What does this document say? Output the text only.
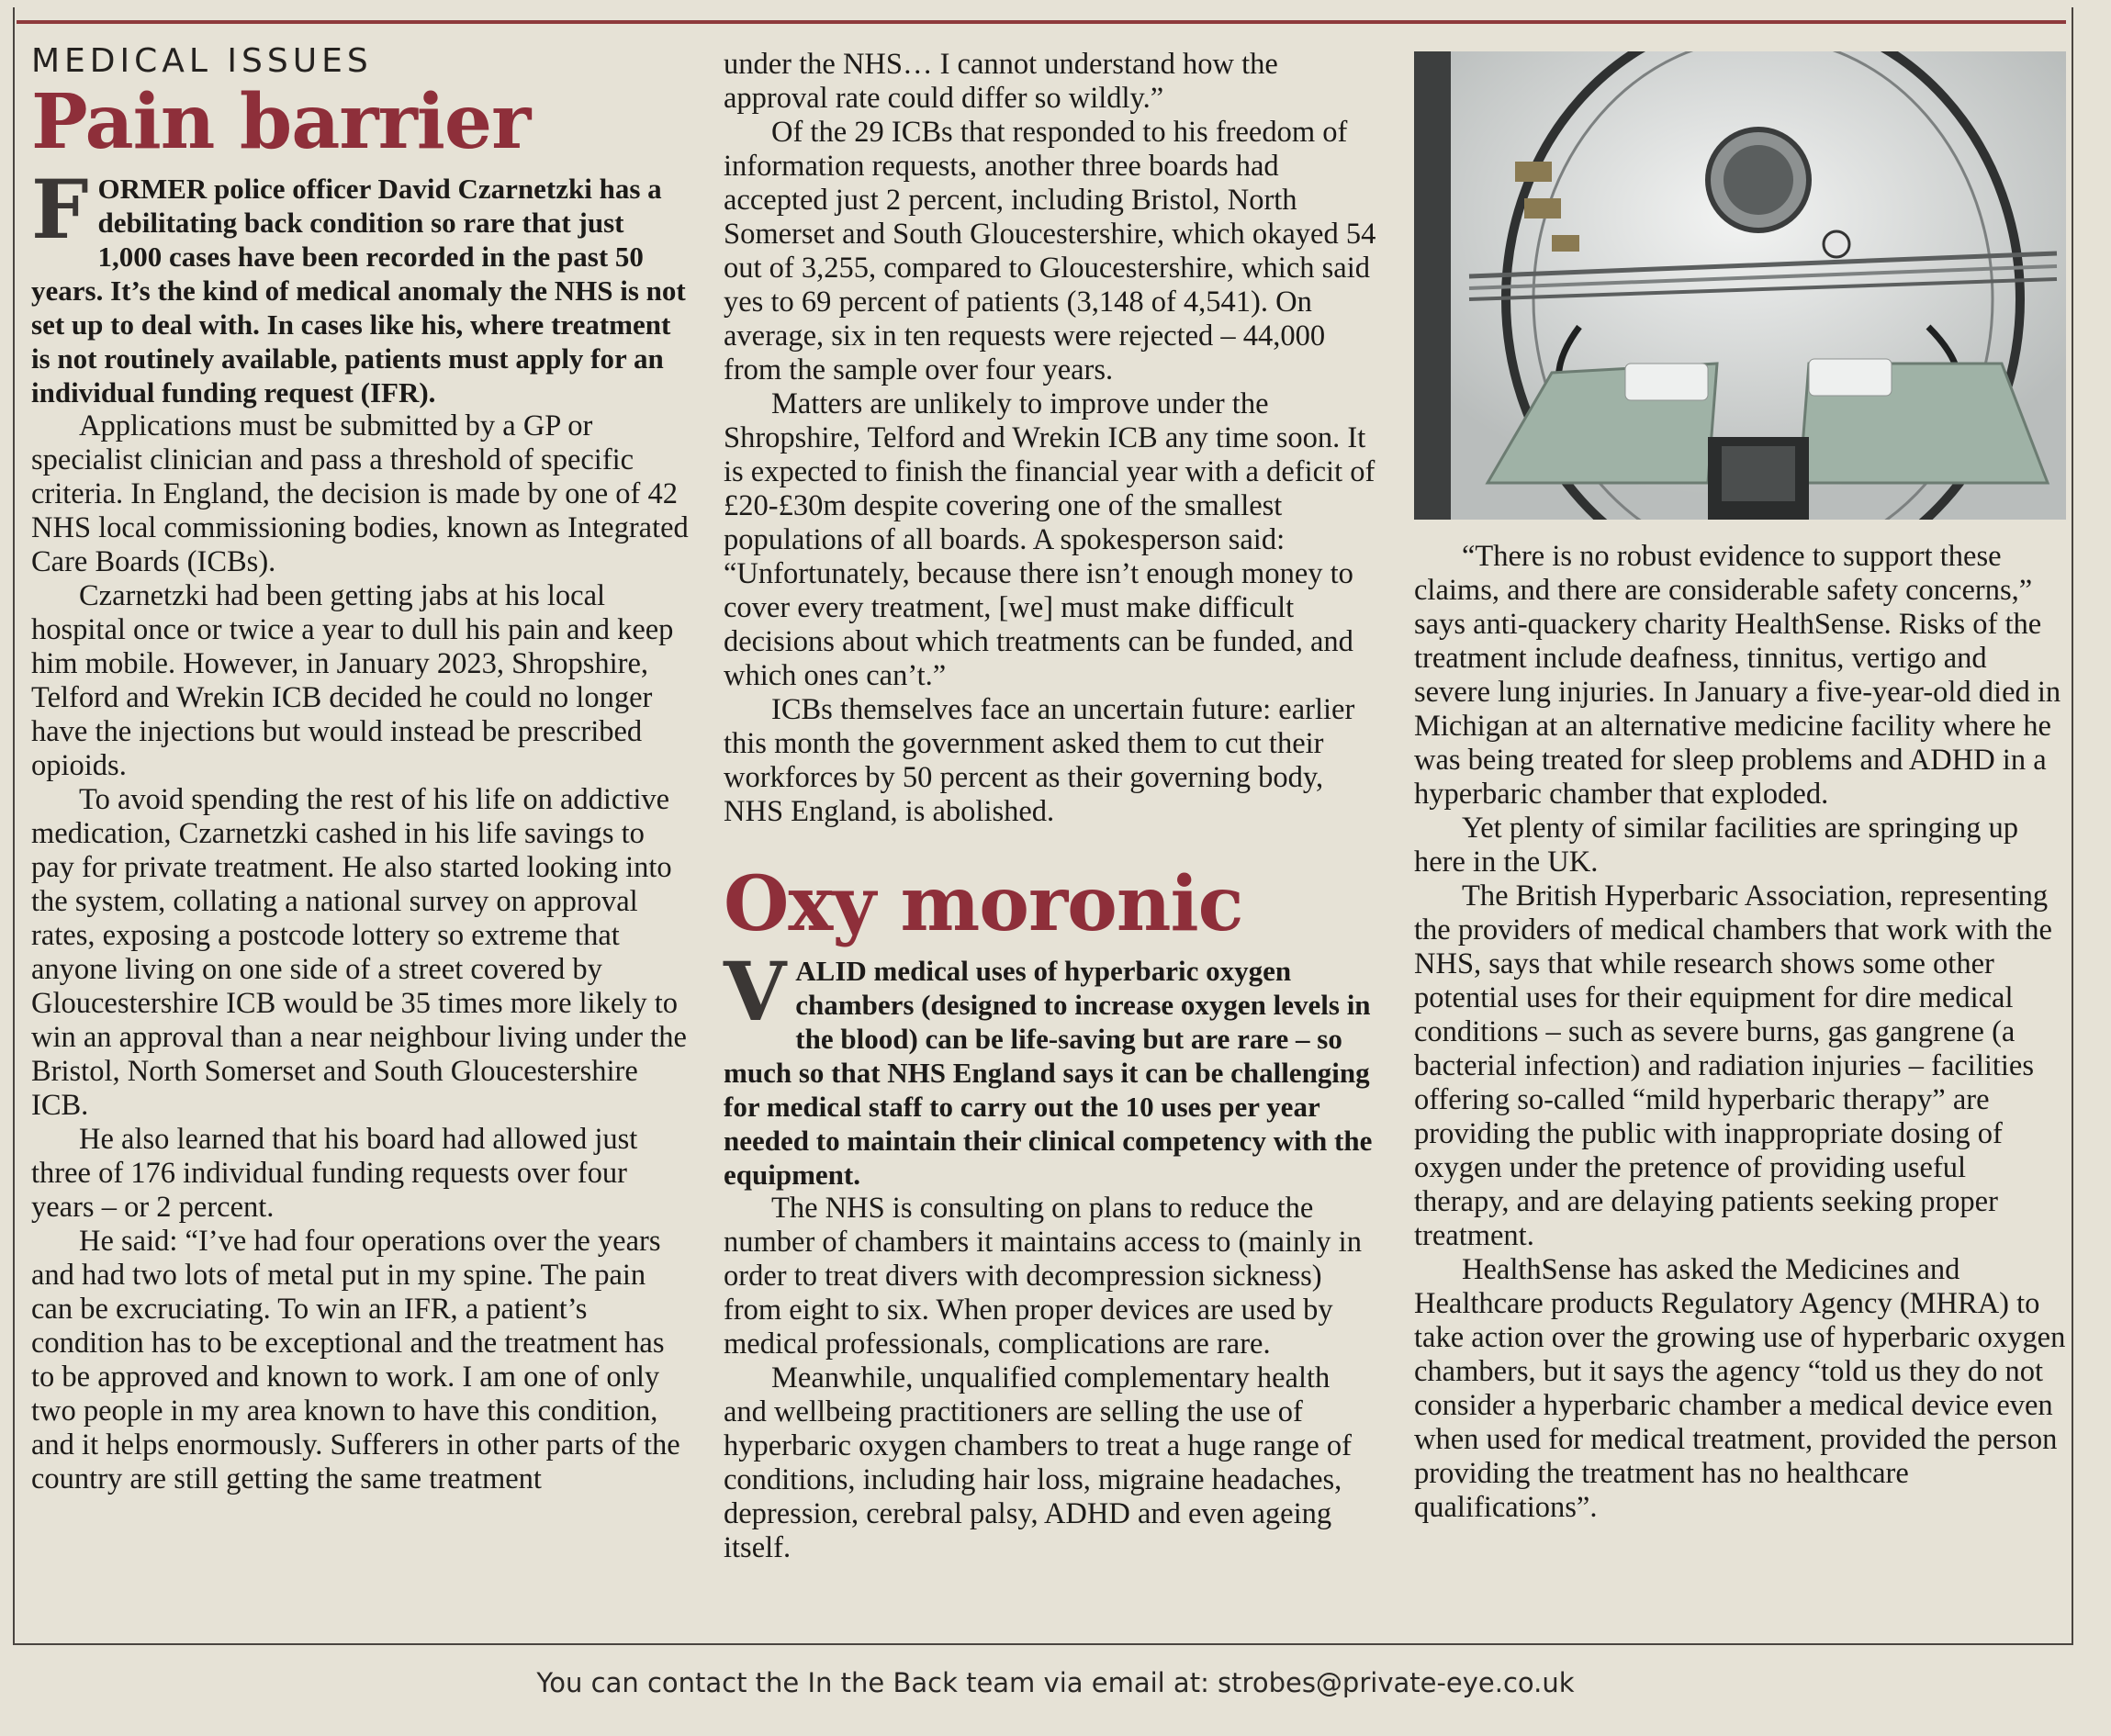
MEDICAL ISSUES
Pain barrier

FORMER police officer David Czarnetzki has a debilitating back condition so rare that just 1,000 cases have been recorded in the past 50 years. It’s the kind of medical anomaly the NHS is not set up to deal with. In cases like his, where treatment is not routinely available, patients must apply for an individual funding request (IFR).

Applications must be submitted by a GP or specialist clinician and pass a threshold of specific criteria. In England, the decision is made by one of 42 NHS local commissioning bodies, known as Integrated Care Boards (ICBs).

Czarnetzki had been getting jabs at his local hospital once or twice a year to dull his pain and keep him mobile. However, in January 2023, Shropshire, Telford and Wrekin ICB decided he could no longer have the injections but would instead be prescribed opioids.

To avoid spending the rest of his life on addictive medication, Czarnetzki cashed in his life savings to pay for private treatment. He also started looking into the system, collating a national survey on approval rates, exposing a postcode lottery so extreme that anyone living on one side of a street covered by Gloucestershire ICB would be 35 times more likely to win an approval than a near neighbour living under the Bristol, North Somerset and South Gloucestershire ICB.

He also learned that his board had allowed just three of 176 individual funding requests over four years – or 2 percent.

He said: “I’ve had four operations over the years and had two lots of metal put in my spine. The pain can be excruciating. To win an IFR, a patient’s condition has to be exceptional and the treatment has to be approved and known to work. I am one of only two people in my area known to have this condition, and it helps enormously. Sufferers in other parts of the country are still getting the same treatment

under the NHS… I cannot understand how the approval rate could differ so wildly.”

Of the 29 ICBs that responded to his freedom of information requests, another three boards had accepted just 2 percent, including Bristol, North Somerset and South Gloucestershire, which okayed 54 out of 3,255, compared to Gloucestershire, which said yes to 69 percent of patients (3,148 of 4,541). On average, six in ten requests were rejected – 44,000 from the sample over four years.

Matters are unlikely to improve under the Shropshire, Telford and Wrekin ICB any time soon. It is expected to finish the financial year with a deficit of £20-£30m despite covering one of the smallest populations of all boards. A spokesperson said: “Unfortunately, because there isn’t enough money to cover every treatment, [we] must make difficult decisions about which treatments can be funded, and which ones can’t.”

ICBs themselves face an uncertain future: earlier this month the government asked them to cut their workforces by 50 percent as their governing body, NHS England, is abolished.

Oxy moronic

VALID medical uses of hyperbaric oxygen chambers (designed to increase oxygen levels in the blood) can be life-saving but are rare – so much so that NHS England says it can be challenging for medical staff to carry out the 10 uses per year needed to maintain their clinical competency with the equipment.

The NHS is consulting on plans to reduce the number of chambers it maintains access to (mainly in order to treat divers with decompression sickness) from eight to six. When proper devices are used by medical professionals, complications are rare.

Meanwhile, unqualified complementary health and wellbeing practitioners are selling the use of hyperbaric oxygen chambers to treat a huge range of conditions, including hair loss, migraine headaches, depression, cerebral palsy, ADHD and even ageing itself.

“There is no robust evidence to support these claims, and there are considerable safety concerns,” says anti-quackery charity HealthSense. Risks of the treatment include deafness, tinnitus, vertigo and severe lung injuries. In January a five-year-old died in Michigan at an alternative medicine facility where he was being treated for sleep problems and ADHD in a hyperbaric chamber that exploded.

Yet plenty of similar facilities are springing up here in the UK.

The British Hyperbaric Association, representing the providers of medical chambers that work with the NHS, says that while research shows some other potential uses for their equipment for dire medical conditions – such as severe burns, gas gangrene (a bacterial infection) and radiation injuries – facilities offering so-called “mild hyperbaric therapy” are providing the public with inappropriate dosing of oxygen under the pretence of providing useful therapy, and are delaying patients seeking proper treatment.

HealthSense has asked the Medicines and Healthcare products Regulatory Agency (MHRA) to take action over the growing use of hyperbaric oxygen chambers, but it says the agency “told us they do not consider a hyperbaric chamber a medical device even when used for medical treatment, provided the person providing the treatment has no healthcare qualifications”.

You can contact the In the Back team via email at: strobes@private-eye.co.uk
